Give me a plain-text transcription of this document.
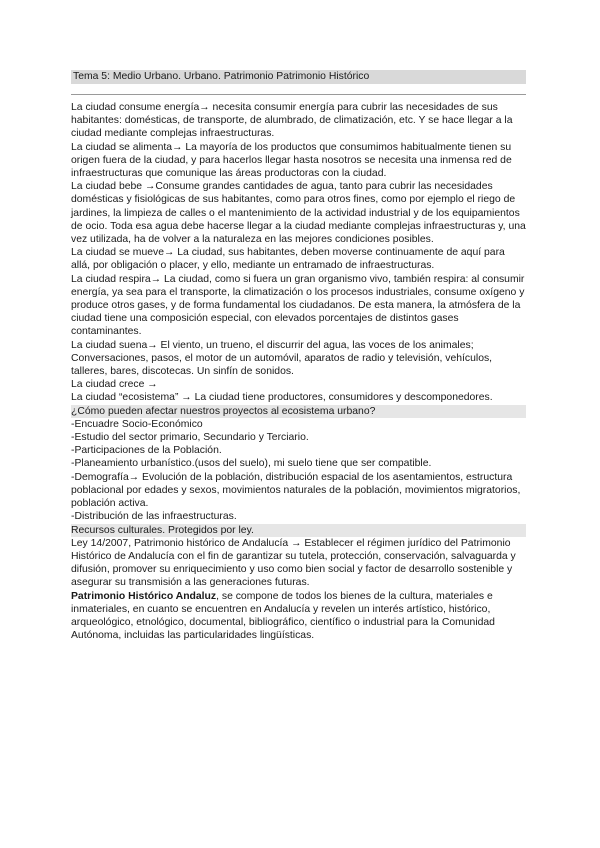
Tema 5: Medio Urbano. Urbano. Patrimonio Patrimonio Histórico

La ciudad consume energía→ necesita consumir energía para cubrir las necesidades de sus habitantes: domésticas, de transporte, de alumbrado, de climatización, etc. Y se hace llegar a la ciudad mediante complejas infraestructuras.

La ciudad se alimenta→ La mayoría de los productos que consumimos habitualmente tienen su origen fuera de la ciudad, y para hacerlos llegar hasta nosotros se necesita una inmensa red de infraestructuras que comunique las áreas productoras con la ciudad.

La ciudad bebe →Consume grandes cantidades de agua, tanto para cubrir las necesidades domésticas y fisiológicas de sus habitantes, como para otros fines, como por ejemplo el riego de jardines, la limpieza de calles o el mantenimiento de la actividad industrial y de los equipamientos de ocio. Toda esa agua debe hacerse llegar a la ciudad mediante complejas infraestructuras y, una vez utilizada, ha de volver a la naturaleza en las mejores condiciones posibles.

La ciudad se mueve→ La ciudad, sus habitantes, deben moverse continuamente de aquí para allá, por obligación o placer, y ello, mediante un entramado de infraestructuras.

La ciudad respira→ La ciudad, como si fuera un gran organismo vivo, también respira: al consumir energía, ya sea para el transporte, la climatización o los procesos industriales, consume oxígeno y produce otros gases, y de forma fundamental los ciudadanos. De esta manera, la atmósfera de la ciudad tiene una composición especial, con elevados porcentajes de distintos gases contaminantes.

La ciudad suena→ El viento, un trueno, el discurrir del agua, las voces de los animales; Conversaciones, pasos, el motor de un automóvil, aparatos de radio y televisión, vehículos, talleres, bares, discotecas. Un sinfín de sonidos.

La ciudad crece →

La ciudad “ecosistema” → La ciudad tiene productores, consumidores y descomponedores.

¿Cómo pueden afectar nuestros proyectos al ecosistema urbano?

-Encuadre Socio-Económico

-Estudio del sector primario, Secundario y Terciario.

-Participaciones de la Población.

-Planeamiento urbanístico.(usos del suelo), mi suelo tiene que ser compatible.

-Demografía→ Evolución de la población, distribución espacial de los asentamientos, estructura poblacional por edades y sexos, movimientos naturales de la población, movimientos migratorios, población activa.

-Distribución de las infraestructuras.

Recursos culturales. Protegidos por ley.

Ley 14/2007, Patrimonio histórico de Andalucía → Establecer el régimen jurídico del Patrimonio Histórico de Andalucía con el fin de garantizar su tutela, protección, conservación, salvaguarda y difusión, promover su enriquecimiento y uso como bien social y factor de desarrollo sostenible y asegurar su transmisión a las generaciones futuras.

Patrimonio Histórico Andaluz, se compone de todos los bienes de la cultura, materiales e inmateriales, en cuanto se encuentren en Andalucía y revelen un interés artístico, histórico, arqueológico, etnológico, documental, bibliográfico, científico o industrial para la Comunidad Autónoma, incluidas las particularidades lingüísticas.
